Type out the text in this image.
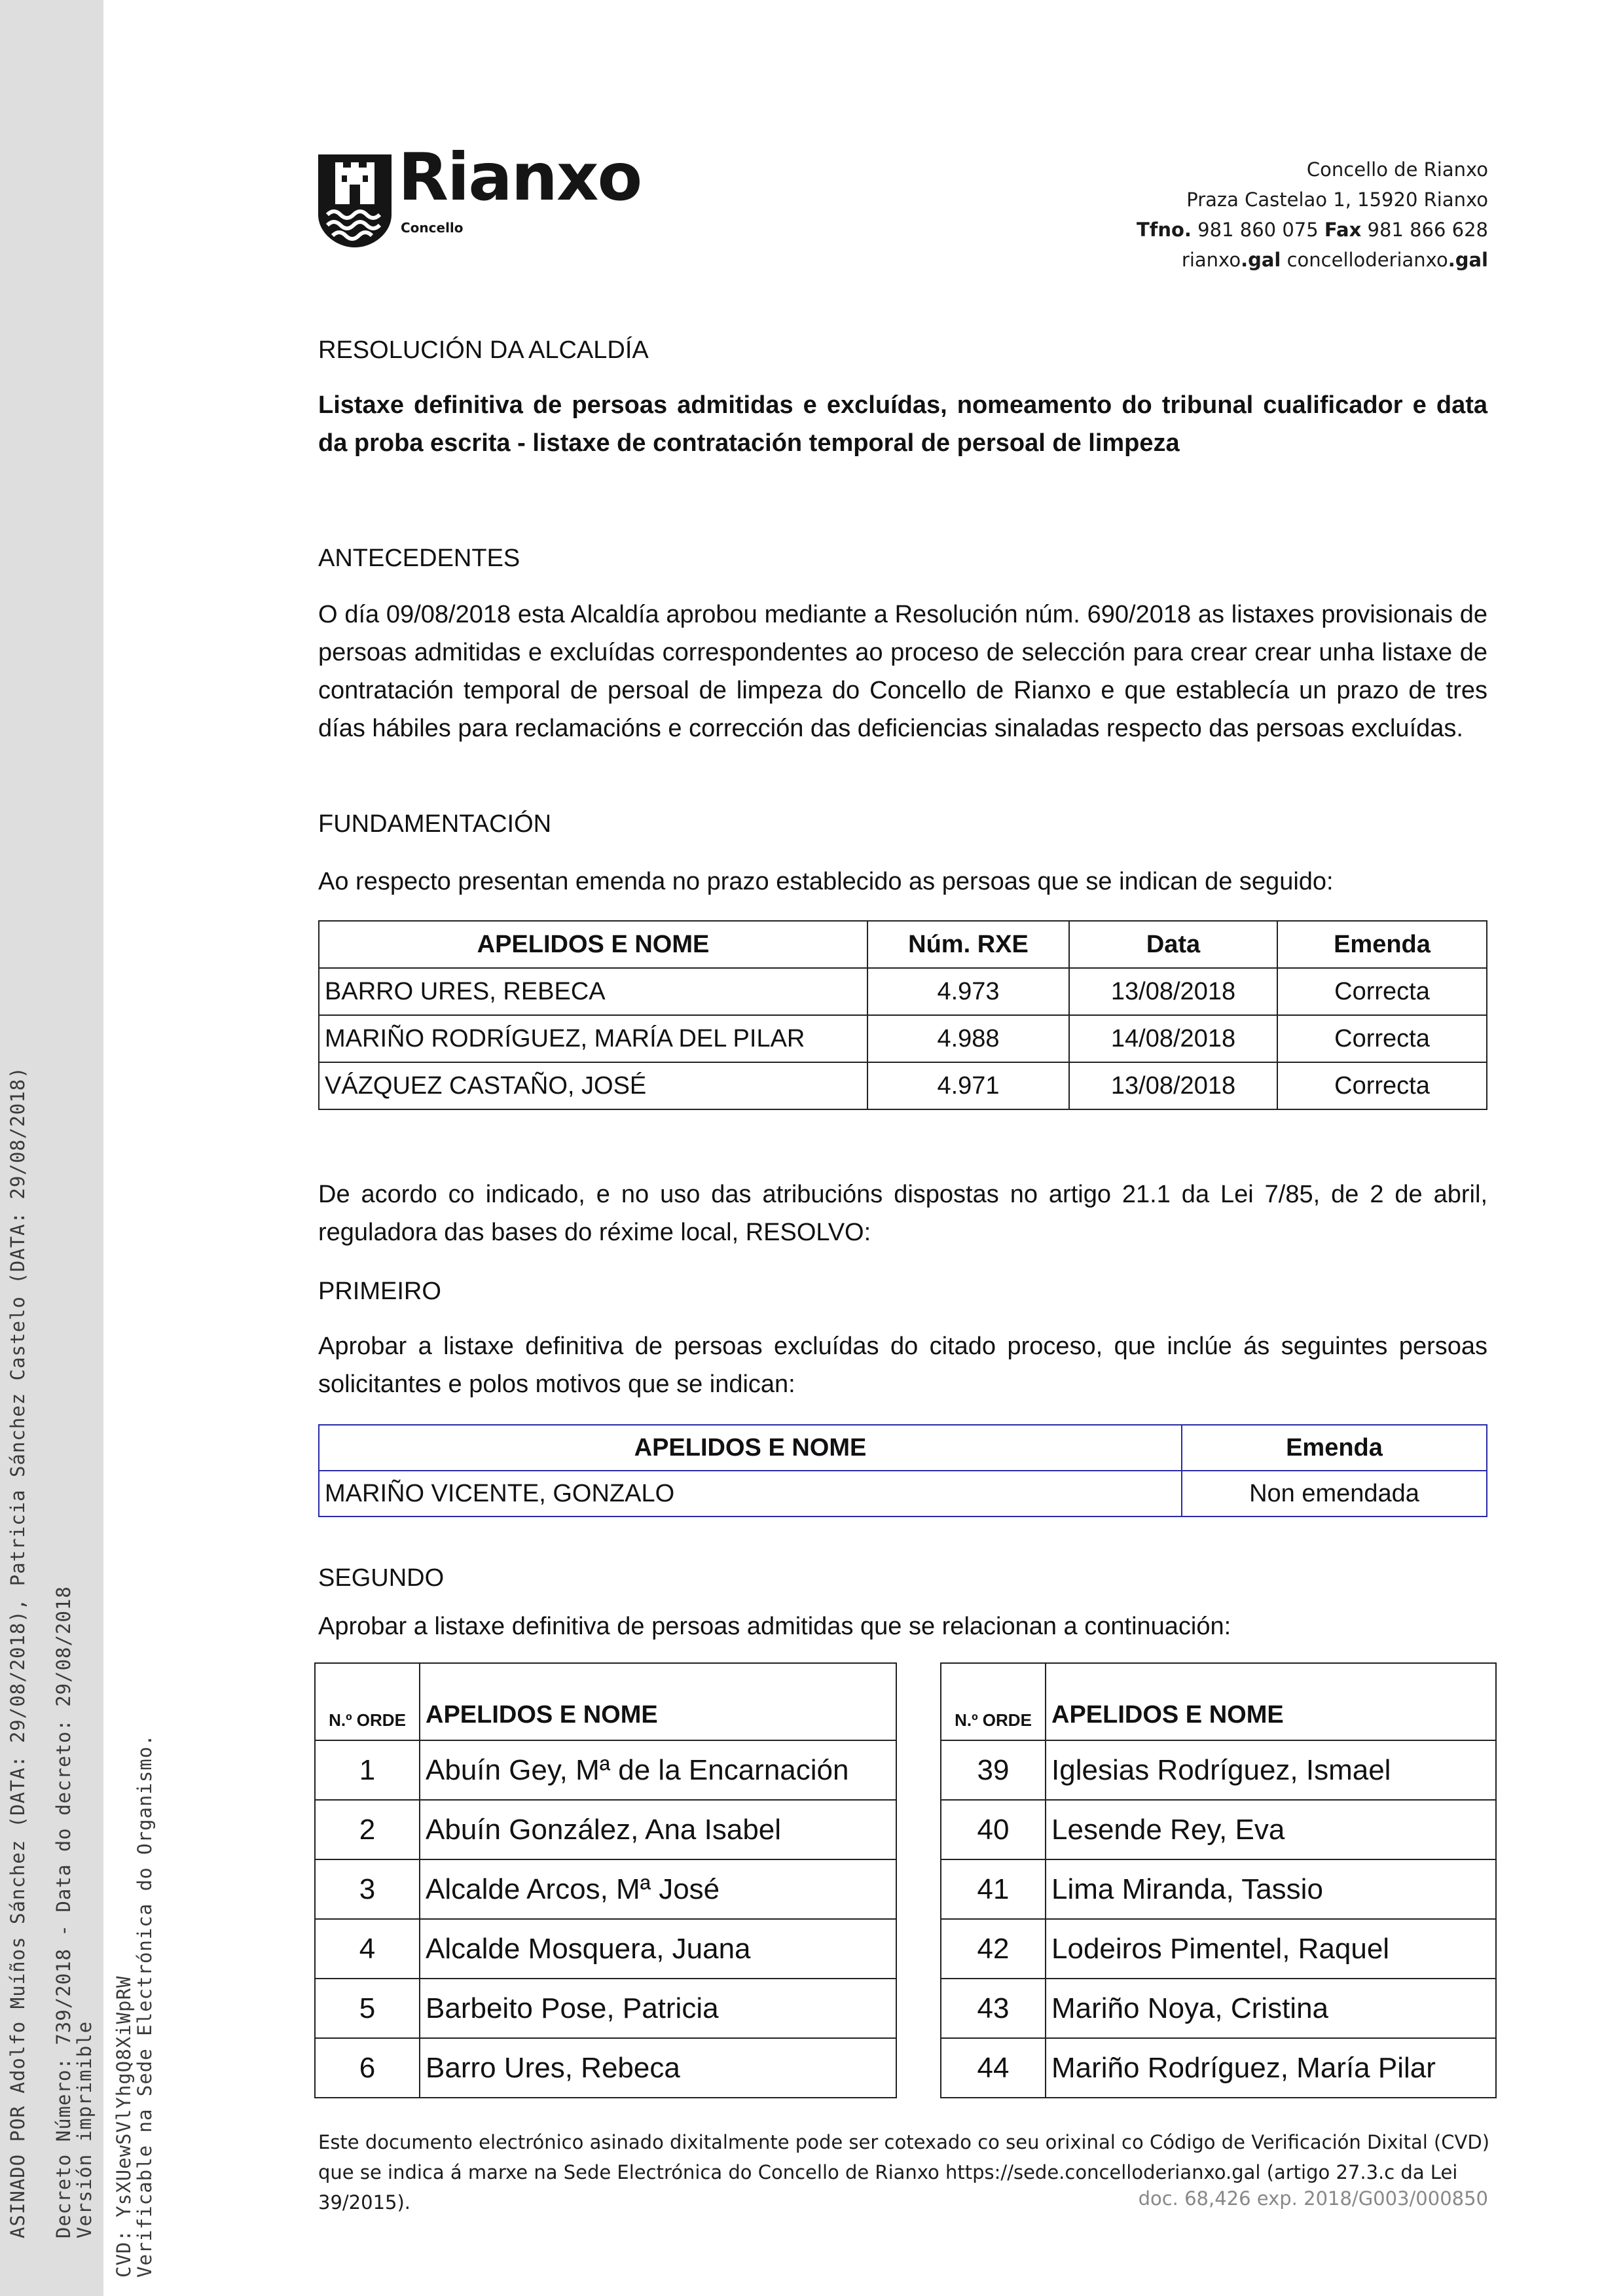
ASINADO POR Adolfo Muíños Sánchez (DATA: 29/08/2018), Patricia Sánchez Castelo (DATA: 29/08/2018) Decreto Número: 739/2018 - Data do decreto: 29/08/2018
Versión imprimible CVD: YsXUewSVlYhgQ8XiWpRW
Verificable na Sede Electrónica do Organismo.
Rianxo
Concello
Concello de Rianxo
Praza Castelao 1, 15920 Rianxo
Tfno. 981 860 075 Fax 981 866 628
rianxo.gal concelloderianxo.gal
RESOLUCIÓN DA ALCALDÍA
Listaxe definitiva de persoas admitidas e excluídas, nomeamento do tribunal cualificador e data da proba escrita - listaxe de contratación temporal de persoal de limpeza
ANTECEDENTES
O día 09/08/2018 esta Alcaldía aprobou mediante a Resolución núm. 690/2018 as listaxes provisionais de persoas admitidas e excluídas correspondentes ao proceso de selección para crear crear unha listaxe de contratación temporal de persoal de limpeza do Concello de Rianxo e que establecía un prazo de tres días hábiles para reclamacións e corrección das deficiencias sinaladas respecto das persoas excluídas.
FUNDAMENTACIÓN
Ao respecto presentan emenda no prazo establecido as persoas que se indican de seguido:
APELIDOS E NOME	Núm. RXE	Data	Emenda
BARRO URES, REBECA	4.973	13/08/2018	Correcta
MARIÑO RODRÍGUEZ, MARÍA DEL PILAR	4.988	14/08/2018	Correcta
VÁZQUEZ CASTAÑO, JOSÉ	4.971	13/08/2018	Correcta
De acordo co indicado, e no uso das atribucións dispostas no artigo 21.1 da Lei 7/85, de 2 de abril, reguladora das bases do réxime local, RESOLVO:
PRIMEIRO
Aprobar a listaxe definitiva de persoas excluídas do citado proceso, que inclúe ás seguintes persoas solicitantes e polos motivos que se indican:
APELIDOS E NOME	Emenda
MARIÑO VICENTE, GONZALO	Non emendada
SEGUNDO
Aprobar a listaxe definitiva de persoas admitidas que se relacionan a continuación:
N.º ORDE	APELIDOS E NOME
1	Abuín Gey, Mª de la Encarnación
2	Abuín González, Ana Isabel
3	Alcalde Arcos, Mª José
4	Alcalde Mosquera, Juana
5	Barbeito Pose, Patricia
6	Barro Ures, Rebeca
N.º ORDE	APELIDOS E NOME
39	Iglesias Rodríguez, Ismael
40	Lesende Rey, Eva
41	Lima Miranda, Tassio
42	Lodeiros Pimentel, Raquel
43	Mariño Noya, Cristina
44	Mariño Rodríguez, María Pilar
Este documento electrónico asinado dixitalmente pode ser cotexado co seu orixinal co Código de Verificación Dixital (CVD) que se indica á marxe na Sede Electrónica do Concello de Rianxo https://sede.concelloderianxo.gal (artigo 27.3.c da Lei 39/2015).	doc. 68,426 exp. 2018/G003/000850
